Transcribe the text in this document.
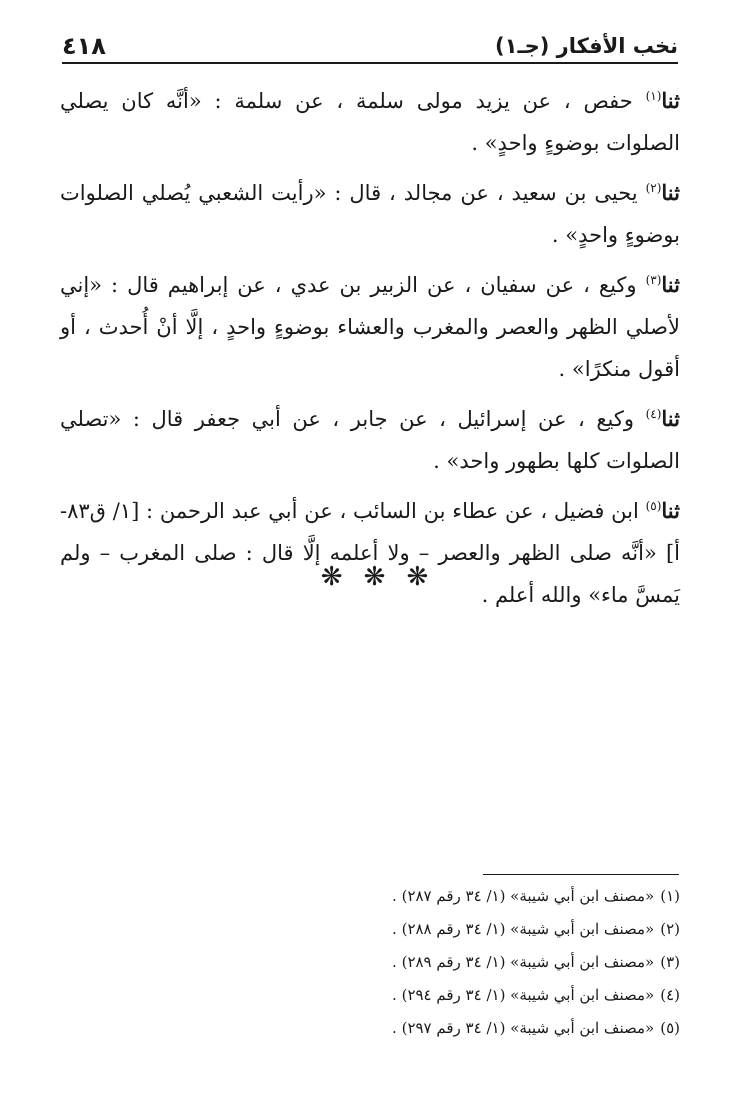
نخب الأفكار (جـ١)
٤١٨

ثنا$^{(١)}$ حفص ، عن يزيد مولى سلمة ، عن سلمة : «أنَّه كان يصلي الصلوات بوضوءٍ واحدٍ» .

ثنا$^{(٢)}$ يحيى بن سعيد ، عن مجالد ، قال : «رأيت الشعبي يُصلي الصلوات بوضوءٍ واحدٍ» .

ثنا$^{(٣)}$ وكيع ، عن سفيان ، عن الزبير بن عدي ، عن إبراهيم قال : «إني لأصلي الظهر والعصر والمغرب والعشاء بوضوءٍ واحدٍ ، إلَّا أنْ أُحدث ، أو أقول منكرًا» .

ثنا$^{(٤)}$ وكيع ، عن إسرائيل ، عن جابر ، عن أبي جعفر قال : «تصلي الصلوات كلها بطهور واحد» .

ثنا$^{(٥)}$ ابن فضيل ، عن عطاء بن السائب ، عن أبي عبد الرحمن : [١/ ق٨٣-أ] «أنَّه صلى الظهر والعصر – ولا أعلمه إلَّا قال : صلى المغرب – ولم يَمسَّ ماء» والله أعلم .

❋ ❋ ❋
(١)
«مصنف ابن أبي شيبة» (١/ ٣٤ رقم ٢٨٧) .
(٢)
«مصنف ابن أبي شيبة» (١/ ٣٤ رقم ٢٨٨) .
(٣)
«مصنف ابن أبي شيبة» (١/ ٣٤ رقم ٢٨٩) .
(٤)
«مصنف ابن أبي شيبة» (١/ ٣٤ رقم ٢٩٤) .
(٥)
«مصنف ابن أبي شيبة» (١/ ٣٤ رقم ٢٩٧) .
